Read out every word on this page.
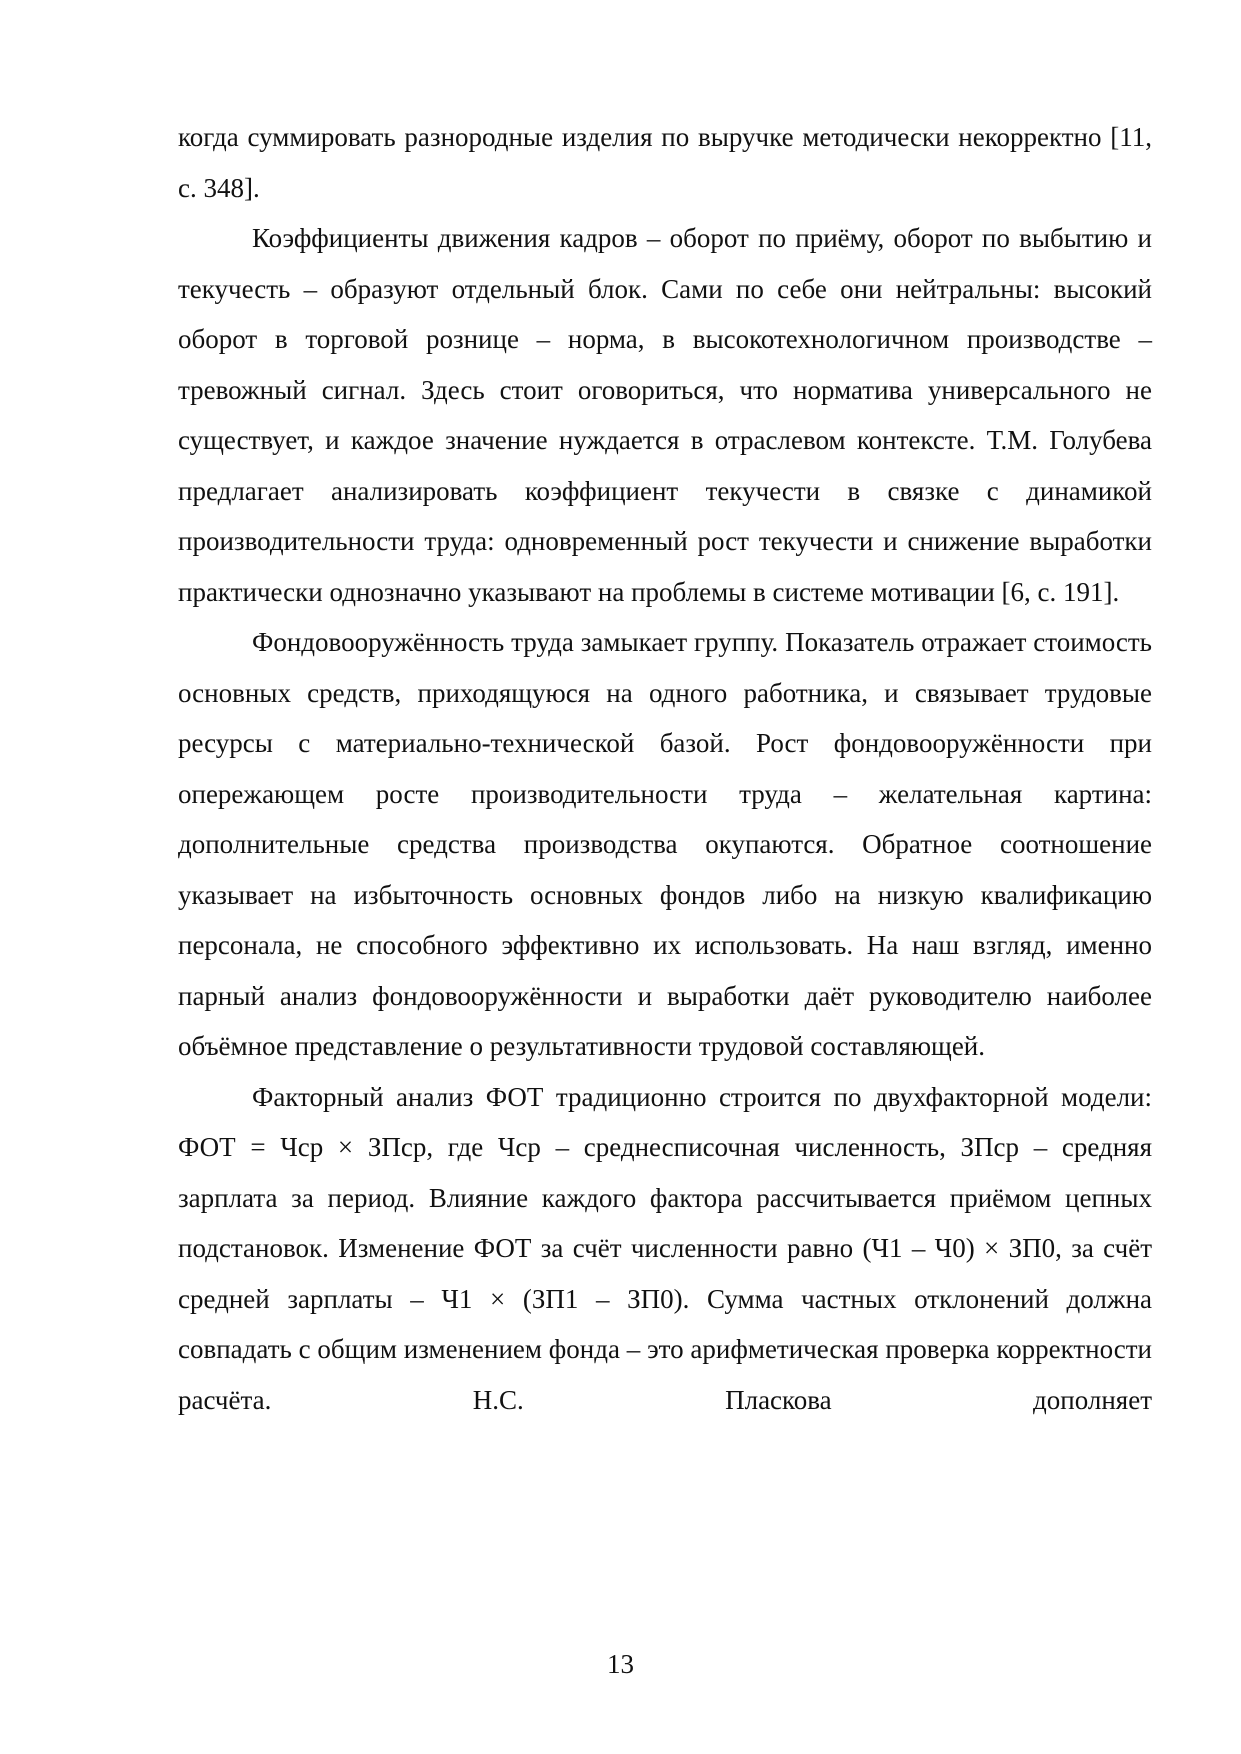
когда суммировать разнородные изделия по выручке методически некорректно [11, с. 348].

Коэффициенты движения кадров – оборот по приёму, оборот по выбытию и текучесть – образуют отдельный блок. Сами по себе они нейтральны: высокий оборот в торговой рознице – норма, в высокотехнологичном производстве – тревожный сигнал. Здесь стоит оговориться, что норматива универсального не существует, и каждое значение нуждается в отраслевом контексте. Т.М. Голубева предлагает анализировать коэффициент текучести в связке с динамикой производительности труда: одновременный рост текучести и снижение выработки практически однозначно указывают на проблемы в системе мотивации [6, с. 191].

Фондовооружённость труда замыкает группу. Показатель отражает стоимость основных средств, приходящуюся на одного работника, и связывает трудовые ресурсы с материально-технической базой. Рост фондовооружённости при опережающем росте производительности труда – желательная картина: дополнительные средства производства окупаются. Обратное соотношение указывает на избыточность основных фондов либо на низкую квалификацию персонала, не способного эффективно их использовать. На наш взгляд, именно парный анализ фондовооружённости и выработки даёт руководителю наиболее объёмное представление о результативности трудовой составляющей.

Факторный анализ ФОТ традиционно строится по двухфакторной модели: ФОТ = Чср × ЗПср, где Чср – среднесписочная численность, ЗПср – средняя зарплата за период. Влияние каждого фактора рассчитывается приёмом цепных подстановок. Изменение ФОТ за счёт численности равно (Ч1 – Ч0) × ЗП0, за счёт средней зарплаты – Ч1 × (ЗП1 – ЗП0). Сумма частных отклонений должна совпадать с общим изменением фонда – это арифметическая проверка корректности расчёта. Н.С. Пласкова дополняет

13
